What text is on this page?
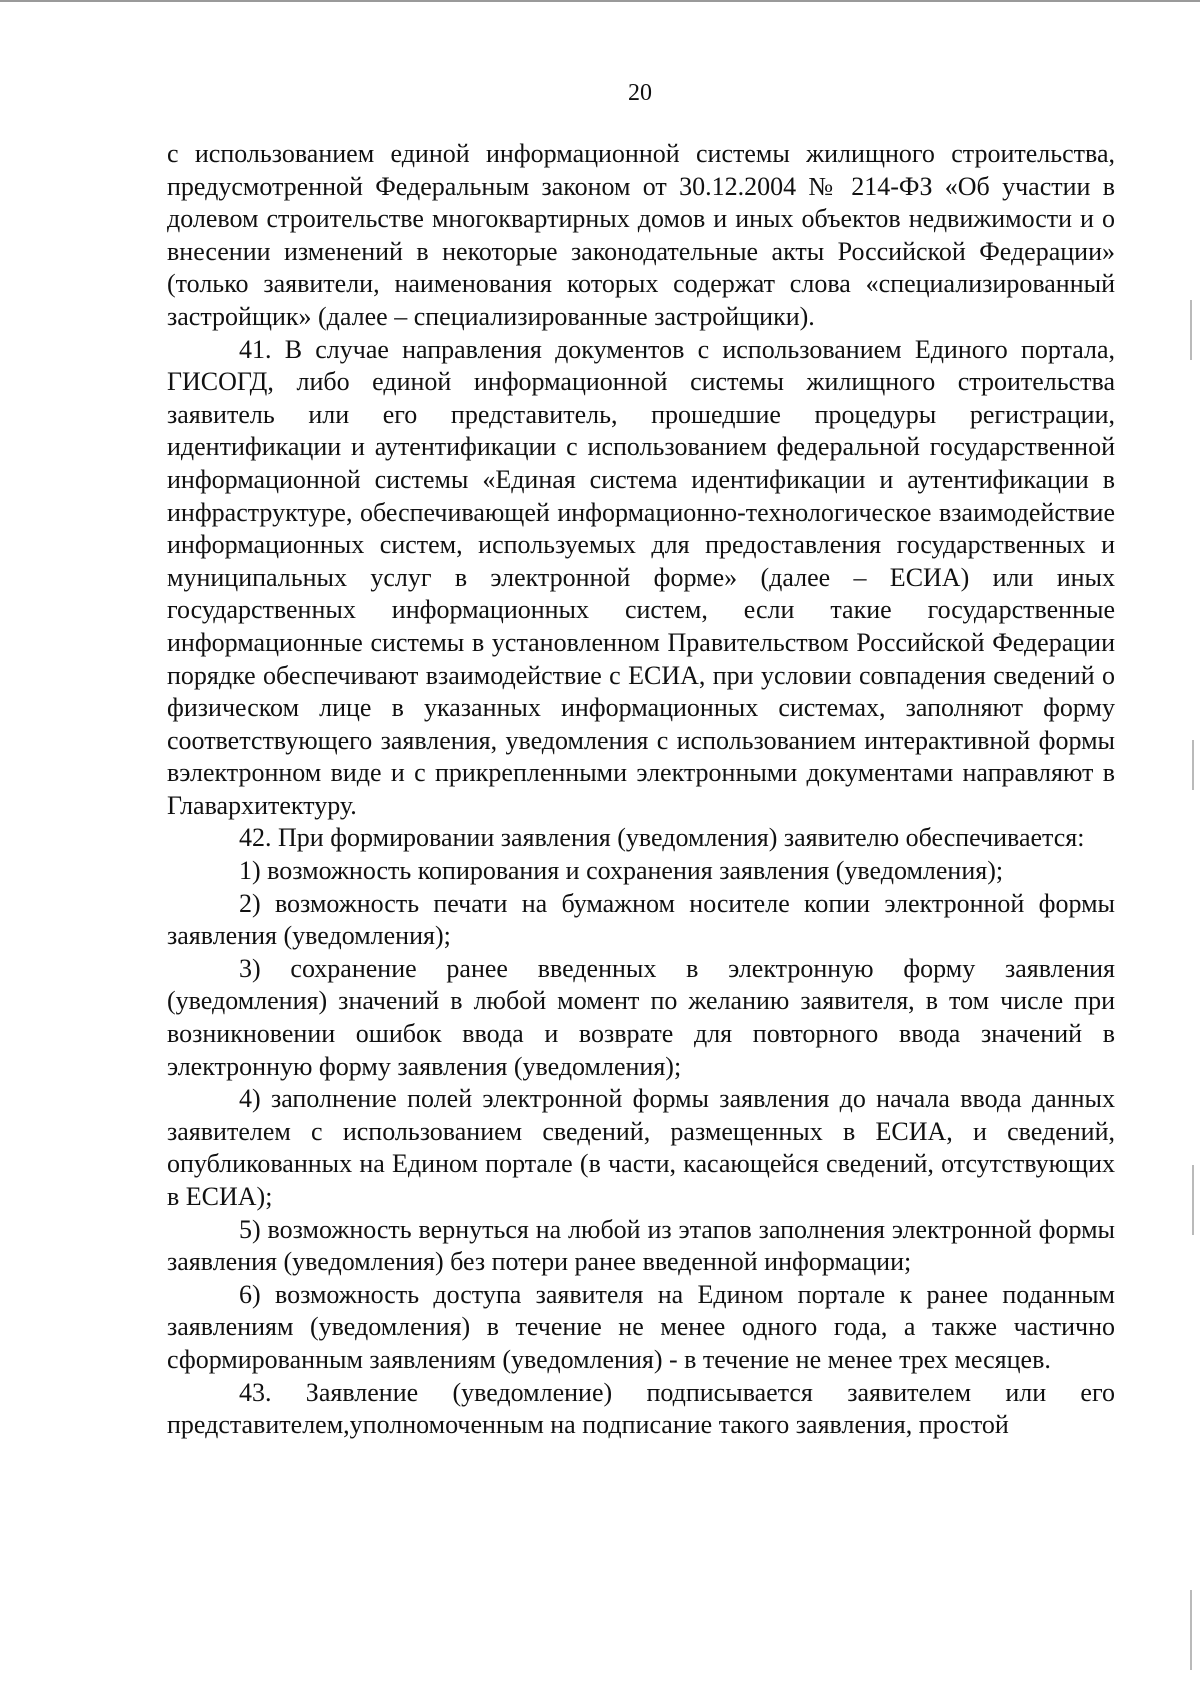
20

с использованием единой информационной системы жилищного строительства, предусмотренной Федеральным законом от 30.12.2004 № 214-ФЗ «Об участии в долевом строительстве многоквартирных домов и иных объектов недвижимости и о внесении изменений в некоторые законодательные акты Российской Федерации» (только заявители, наименования которых содержат слова «специализированный застройщик» (далее – специализированные застройщики).

41. В случае направления документов с использованием Единого портала, ГИСОГД, либо единой информационной системы жилищного строительства заявитель или его представитель, прошедшие процедуры регистрации, идентификации и аутентификации с использованием федеральной государственной информационной системы «Единая система идентификации и аутентификации в инфраструктуре, обеспечивающей информационно-технологическое взаимодействие информационных систем, используемых для предоставления государственных и муниципальных услуг в электронной форме» (далее – ЕСИА) или иных государственных информационных систем, если такие государственные информационные системы в установленном Правительством Российской Федерации порядке обеспечивают взаимодействие с ЕСИА, при условии совпадения сведений о физическом лице в указанных информационных системах, заполняют форму соответствующего заявления, уведомления с использованием интерактивной формы вэлектронном виде и с прикрепленными электронными документами направляют в Главархитектуру.

42. При формировании заявления (уведомления) заявителю обеспечивается:

1) возможность копирования и сохранения заявления (уведомления);

2) возможность печати на бумажном носителе копии электронной формы заявления (уведомления);

3) сохранение ранее введенных в электронную форму заявления (уведомления) значений в любой момент по желанию заявителя, в том числе при возникновении ошибок ввода и возврате для повторного ввода значений в электронную форму заявления (уведомления);

4) заполнение полей электронной формы заявления до начала ввода данных заявителем с использованием сведений, размещенных в ЕСИА, и сведений, опубликованных на Едином портале (в части, касающейся сведений, отсутствующих в ЕСИА);

5) возможность вернуться на любой из этапов заполнения электронной формы заявления (уведомления) без потери ранее введенной информации;

6) возможность доступа заявителя на Едином портале к ранее поданным заявлениям (уведомления) в течение не менее одного года, а также частично сформированным заявлениям (уведомления) - в течение не менее трех месяцев.

43. Заявление (уведомление) подписывается заявителем или его представителем,уполномоченным на подписание такого заявления, простой
